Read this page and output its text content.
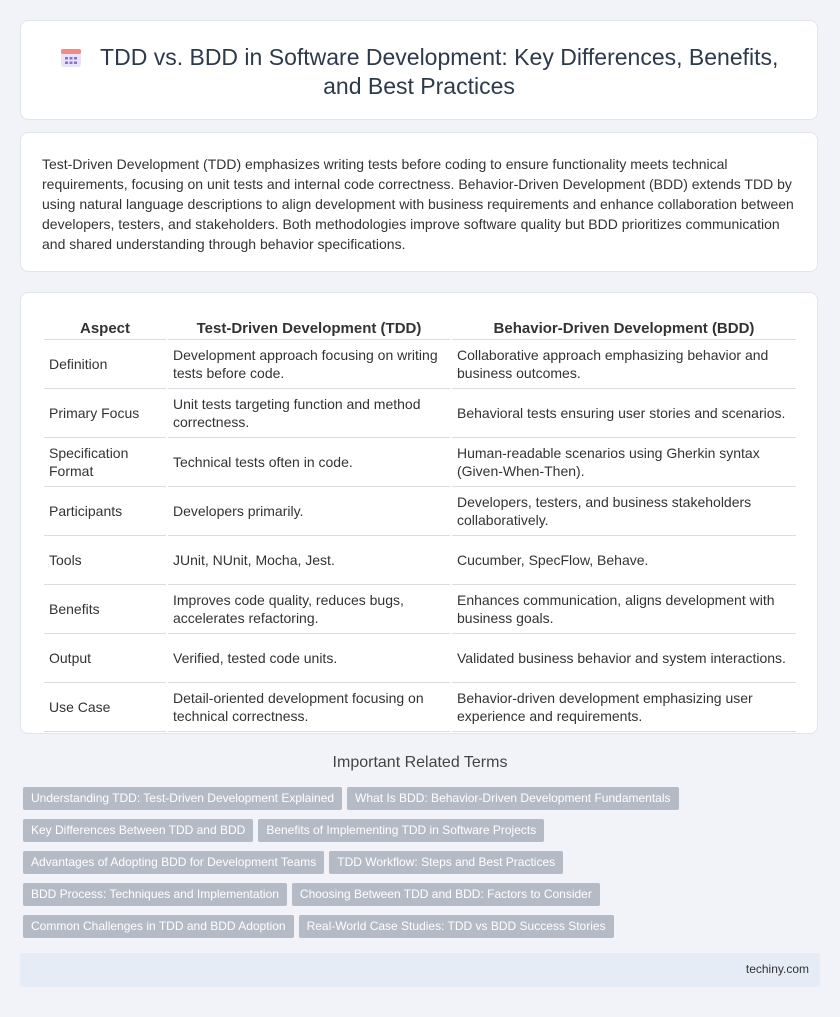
TDD vs. BDD in Software Development: Key Differences, Benefits, and Best Practices

Test-Driven Development (TDD) emphasizes writing tests before coding to ensure functionality meets technical requirements, focusing on unit tests and internal code correctness. Behavior-Driven Development (BDD) extends TDD by using natural language descriptions to align development with business requirements and enhance collaboration between developers, testers, and stakeholders. Both methodologies improve software quality but BDD prioritizes communication and shared understanding through behavior specifications.

Aspect	Test-Driven Development (TDD)	Behavior-Driven Development (BDD)
Definition	Development approach focusing on writing tests before code.	Collaborative approach emphasizing behavior and business outcomes.
Primary Focus	Unit tests targeting function and method correctness.	Behavioral tests ensuring user stories and scenarios.
Specification Format	Technical tests often in code.	Human-readable scenarios using Gherkin syntax (Given-When-Then).
Participants	Developers primarily.	Developers, testers, and business stakeholders collaboratively.
Tools	JUnit, NUnit, Mocha, Jest.	Cucumber, SpecFlow, Behave.
Benefits	Improves code quality, reduces bugs, accelerates refactoring.	Enhances communication, aligns development with business goals.
Output	Verified, tested code units.	Validated business behavior and system interactions.
Use Case	Detail-oriented development focusing on technical correctness.	Behavior-driven development emphasizing user experience and requirements.
Important Related Terms
Understanding TDD: Test-Driven Development Explained What Is BDD: Behavior-Driven Development Fundamentals
Key Differences Between TDD and BDD Benefits of Implementing TDD in Software Projects
Advantages of Adopting BDD for Development Teams TDD Workflow: Steps and Best Practices
BDD Process: Techniques and Implementation Choosing Between TDD and BDD: Factors to Consider
Common Challenges in TDD and BDD Adoption Real-World Case Studies: TDD vs BDD Success Stories
techiny.com
